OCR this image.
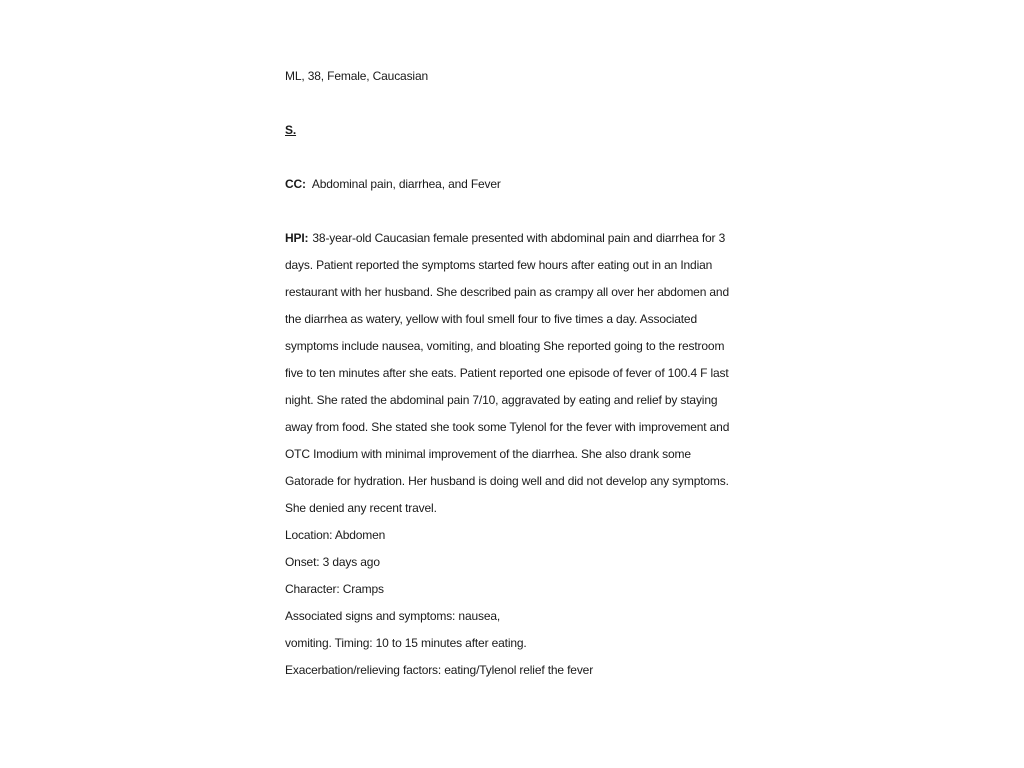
ML, 38, Female, Caucasian
S.
CC: Abdominal pain, diarrhea, and Fever
HPI: 38-year-old Caucasian female presented with abdominal pain and diarrhea for 3
days. Patient reported the symptoms started few hours after eating out in an Indian
restaurant with her husband. She described pain as crampy all over her abdomen and
the diarrhea as watery, yellow with foul smell four to five times a day. Associated
symptoms include nausea, vomiting, and bloating She reported going to the restroom
five to ten minutes after she eats. Patient reported one episode of fever of 100.4 F last
night. She rated the abdominal pain 7/10, aggravated by eating and relief by staying
away from food. She stated she took some Tylenol for the fever with improvement and
OTC Imodium with minimal improvement of the diarrhea. She also drank some
Gatorade for hydration. Her husband is doing well and did not develop any symptoms.
She denied any recent travel.
Location: Abdomen
Onset: 3 days ago
Character: Cramps
Associated signs and symptoms: nausea,
vomiting. Timing: 10 to 15 minutes after eating.
Exacerbation/relieving factors: eating/Tylenol relief the fever
